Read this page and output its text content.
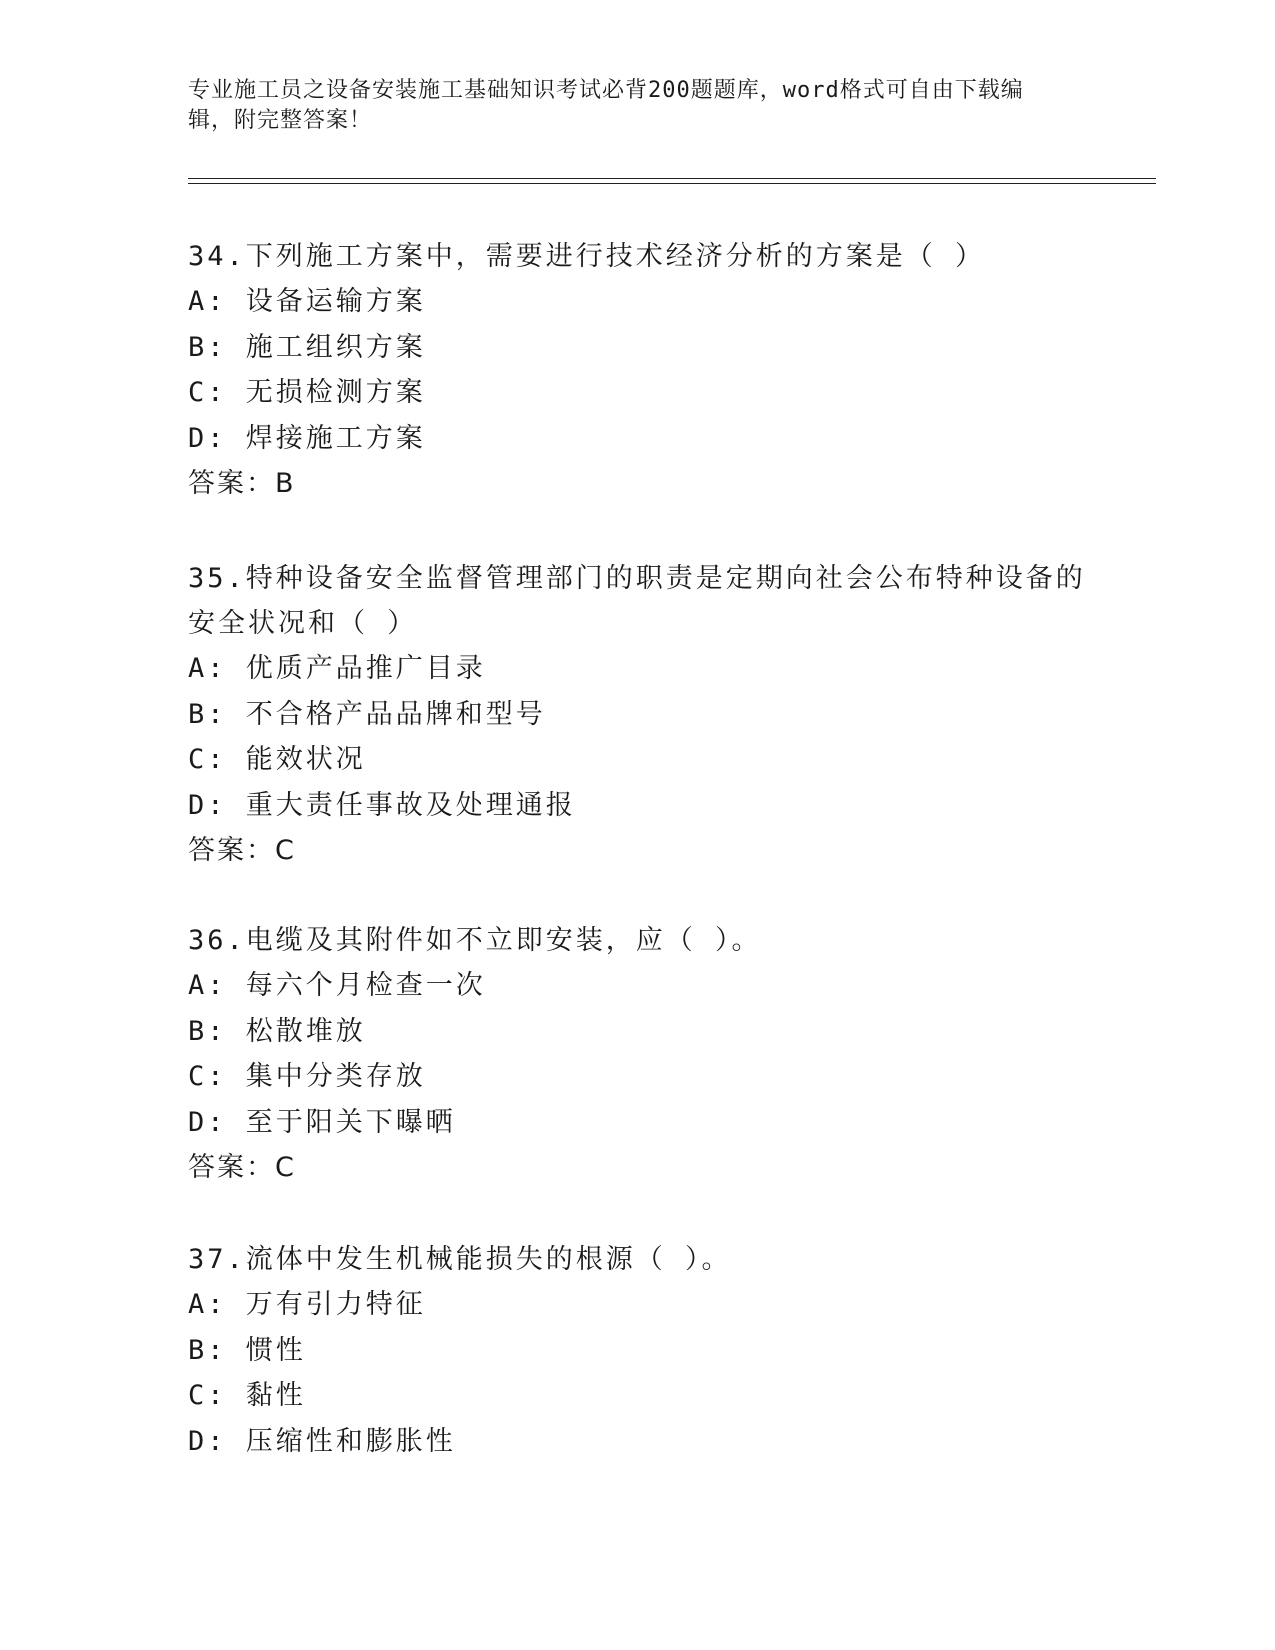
专业施工员之设备安装施工基础知识考试必背200题题库，word格式可自由下载编辑，附完整答案！
34.下列施工方案中，需要进行技术经济分析的方案是（ ）
A: 设备运输方案
B: 施工组织方案
C: 无损检测方案
D: 焊接施工方案
答案：B
35.特种设备安全监督管理部门的职责是定期向社会公布特种设备的安全状况和（ ）
A: 优质产品推广目录
B: 不合格产品品牌和型号
C: 能效状况
D: 重大责任事故及处理通报
答案：C
36.电缆及其附件如不立即安装，应（ ）。
A: 每六个月检查一次
B: 松散堆放
C: 集中分类存放
D: 至于阳关下曝晒
答案：C
37.流体中发生机械能损失的根源（ ）。
A: 万有引力特征
B: 惯性
C: 黏性
D: 压缩性和膨胀性
